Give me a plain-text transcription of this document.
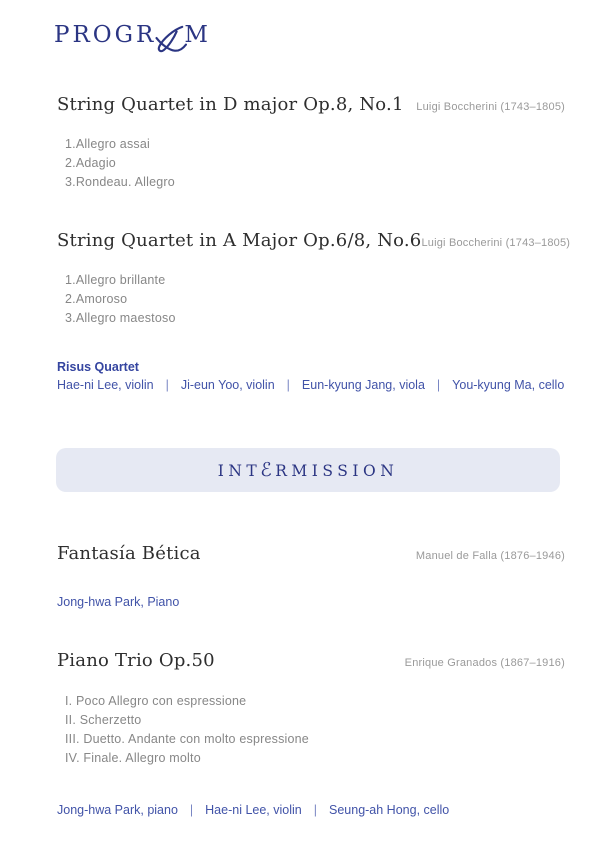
PROGR M
String Quartet in D major Op.8, No.1 Luigi Boccherini (1743–1805)
1.Allegro assai
2.Adagio
3.Rondeau. Allegro
String Quartet in A Major Op.6/8, No.6 Luigi Boccherini (1743–1805)
1.Allegro brillante
2.Amoroso
3.Allegro maestoso
Risus Quartet
Hae-ni Lee, violin | Ji-eun Yoo, violin | Eun-kyung Jang, viola | You-kyung Ma, cello
INT ℰ RMISSION
Fantasía Bética	Manuel de Falla (1876–1946)
Jong-hwa Park, Piano
Piano Trio Op.50	Enrique Granados (1867–1916)
I. Poco Allegro con espressione
II. Scherzetto
III. Duetto. Andante con molto espressione
IV. Finale. Allegro molto
Jong-hwa Park, piano | Hae-ni Lee, violin | Seung-ah Hong, cello
